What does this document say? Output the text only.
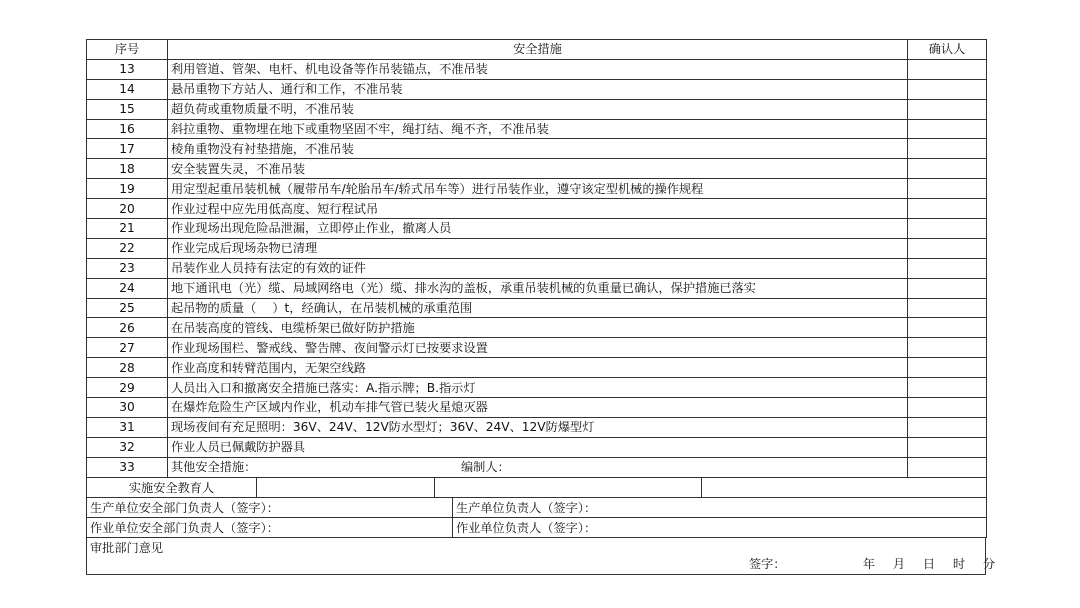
序号	安全措施	确认人
13	利用管道、管架、电杆、机电设备等作吊装锚点，不准吊装	
14	悬吊重物下方站人、通行和工作，不准吊装	
15	超负荷或重物质量不明，不准吊装	
16	斜拉重物、重物埋在地下或重物坚固不牢，绳打结、绳不齐，不准吊装	
17	棱角重物没有衬垫措施，不准吊装	
18	安全装置失灵，不准吊装	
19	用定型起重吊装机械（履带吊车/轮胎吊车/轿式吊车等）进行吊装作业，遵守该定型机械的操作规程	
20	作业过程中应先用低高度、短行程试吊	
21	作业现场出现危险品泄漏，立即停止作业，撤离人员	
22	作业完成后现场杂物已清理	
23	吊装作业人员持有法定的有效的证件	
24	地下通讯电（光）缆、局域网络电（光）缆、排水沟的盖板，承重吊装机械的负重量已确认，保护措施已落实	
25	起吊物的质量（　 ）t，经确认，在吊装机械的承重范围	
26	在吊装高度的管线、电缆桥架已做好防护措施	
27	作业现场围栏、警戒线、警告牌、夜间警示灯已按要求设置	
28	作业高度和转臂范围内，无架空线路	
29	人员出入口和撤离安全措施已落实：A.指示牌；B.指示灯	
30	在爆炸危险生产区域内作业，机动车排气管已装火星熄灭器	
31	现场夜间有充足照明：36V、24V、12V防水型灯；36V、24V、12V防爆型灯	
32	作业人员已佩戴防护器具	
33	其他安全措施： 编制人：	

实施安全教育人			
生产单位安全部门负责人（签字）：	生产单位负责人（签字）：
作业单位安全部门负责人（签字）：	作业单位负责人（签字）：
审批部门意见
签字：	年	月	日	时	分
